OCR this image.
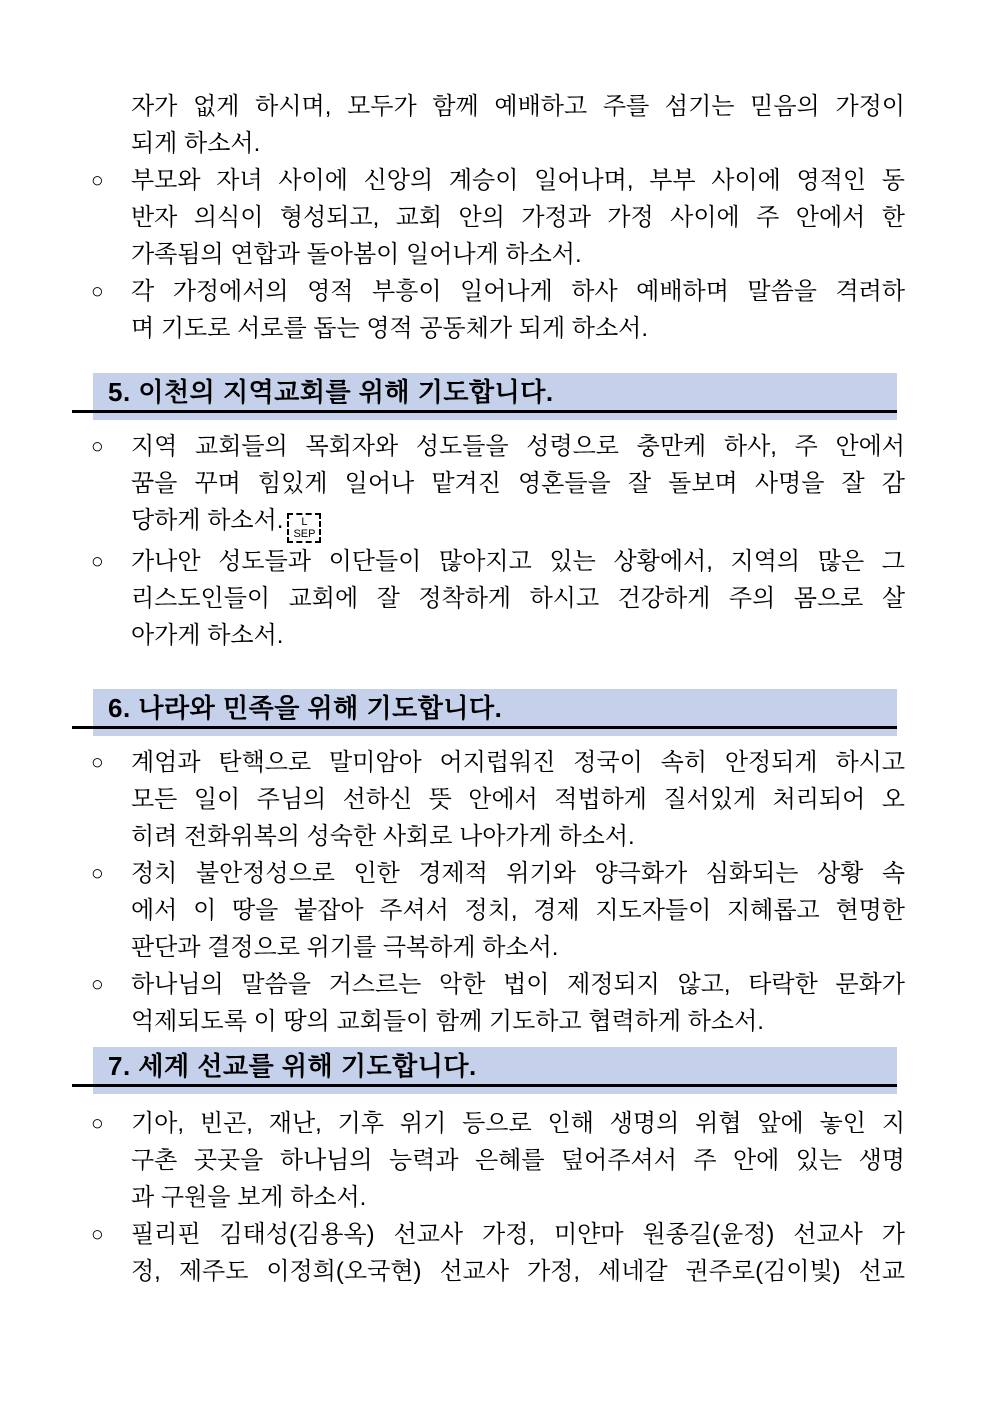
자가 없게 하시며, 모두가 함께 예배하고 주를 섬기는 믿음의 가정이
되게 하소서.
○ 부모와 자녀 사이에 신앙의 계승이 일어나며, 부부 사이에 영적인 동
반자 의식이 형성되고, 교회 안의 가정과 가정 사이에 주 안에서 한
가족됨의 연합과 돌아봄이 일어나게 하소서.
○ 각 가정에서의 영적 부흥이 일어나게 하사 예배하며 말씀을 격려하
며 기도로 서로를 돕는 영적 공동체가 되게 하소서.
5. 이천의 지역교회를 위해 기도합니다.
○ 지역 교회들의 목회자와 성도들을 성령으로 충만케 하사, 주 안에서
꿈을 꾸며 힘있게 일어나 맡겨진 영혼들을 잘 돌보며 사명을 잘 감
당하게 하소서.	L
SEP
○ 가나안 성도들과 이단들이 많아지고 있는 상황에서, 지역의 많은 그
리스도인들이 교회에 잘 정착하게 하시고 건강하게 주의 몸으로 살
아가게 하소서.
6. 나라와 민족을 위해 기도합니다.
○ 계엄과 탄핵으로 말미암아 어지럽워진 정국이 속히 안정되게 하시고
모든 일이 주님의 선하신 뜻 안에서 적법하게 질서있게 처리되어 오
히려 전화위복의 성숙한 사회로 나아가게 하소서.
○ 정치 불안정성으로 인한 경제적 위기와 양극화가 심화되는 상황 속
에서 이 땅을 붙잡아 주셔서 정치, 경제 지도자들이 지혜롭고 현명한
판단과 결정으로 위기를 극복하게 하소서.
○ 하나님의 말씀을 거스르는 악한 법이 제정되지 않고, 타락한 문화가
억제되도록 이 땅의 교회들이 함께 기도하고 협력하게 하소서.
7. 세계 선교를 위해 기도합니다.
○ 기아, 빈곤, 재난, 기후 위기 등으로 인해 생명의 위협 앞에 놓인 지
구촌 곳곳을 하나님의 능력과 은혜를 덮어주셔서 주 안에 있는 생명
과 구원을 보게 하소서.
○ 필리핀 김태성(김용옥) 선교사 가정, 미얀마 원종길(윤정) 선교사 가
정, 제주도 이정희(오국현) 선교사 가정, 세네갈 권주로(김이빛) 선교
